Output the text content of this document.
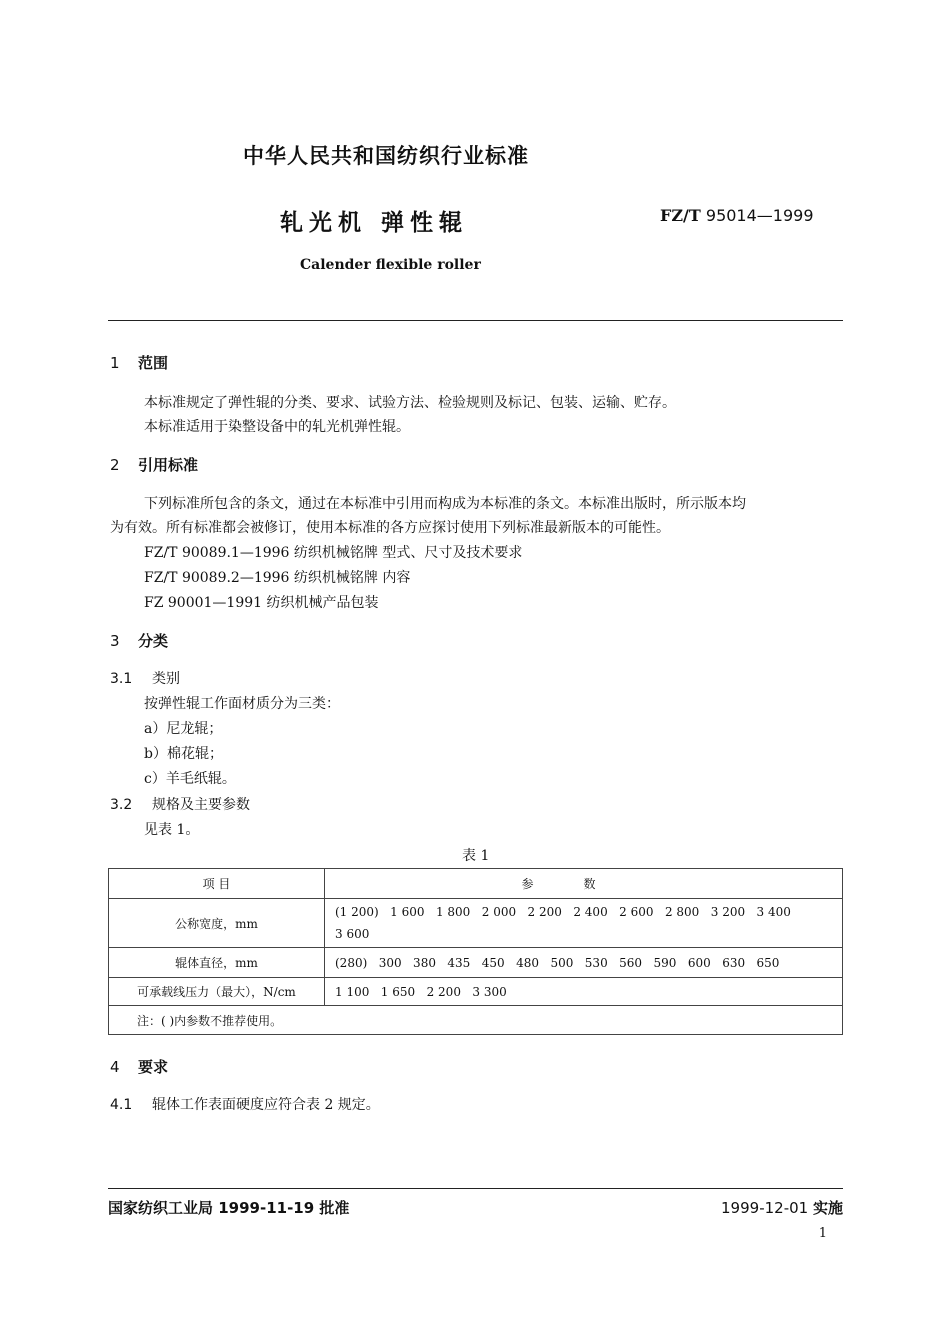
中华人民共和国纺织行业标准
轧光机 弹性辊	FZ/T 95014—1999
Calender flexible roller
1 范围
本标准规定了弹性辊的分类、要求、试验方法、检验规则及标记、包装、运输、贮存。
本标准适用于染整设备中的轧光机弹性辊。
2 引用标准
下列标准所包含的条文，通过在本标准中引用而构成为本标准的条文。本标准出版时，所示版本均
为有效。所有标准都会被修订，使用本标准的各方应探讨使用下列标准最新版本的可能性。
FZ/T 90089.1—1996 纺织机械铭牌 型式、尺寸及技术要求
FZ/T 90089.2—1996 纺织机械铭牌 内容
FZ 90001—1991 纺织机械产品包装
3 分类
3.1 类别
按弹性辊工作面材质分为三类：
a）尼龙辊；
b）棉花辊；
c）羊毛纸辊。
3.2 规格及主要参数
见表 1。
表 1
项 目	参数
公称宽度，mm	(1 200)   1 600   1 800   2 000   2 200   2 400   2 600   2 800   3 200   3 400
3 600

辊体直径，mm	(280)   300   380   435   450   480   500   530   560   590   600   630   650
可承载线压力（最大），N/cm	1 100   1 650   2 200   3 300
注：( )内参数不推荐使用。	
4 要求
4.1 辊体工作表面硬度应符合表 2 规定。
国家纺织工业局 1999-11-19 批准	1999-12-01 实施
1
